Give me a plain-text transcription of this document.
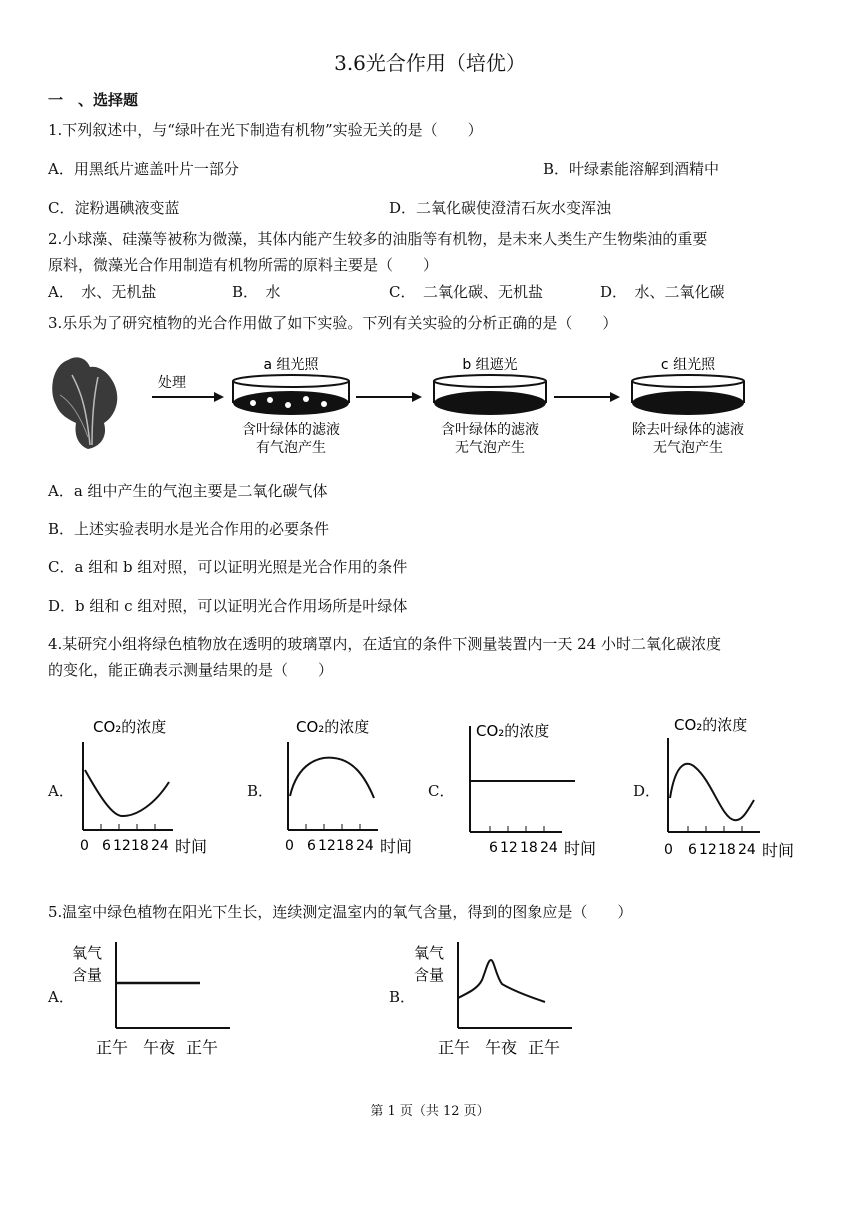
3.6光合作用（培优）
一　、选择题
1.下列叙述中，与“绿叶在光下制造有机物”实验无关的是（　　）
A．用黑纸片遮盖叶片一部分	B．叶绿素能溶解到酒精中
C．淀粉遇碘液变蓝	D．二氧化碳使澄清石灰水变浑浊
2.小球藻、硅藻等被称为微藻，其体内能产生较多的油脂等有机物，是未来人类生产生物柴油的重要
原料，微藻光合作用制造有机物所需的原料主要是（　　）
A．　水、无机盐	B．　水	C．　二氧化碳、无机盐	D．　水、二氧化碳
3.乐乐为了研究植物的光合作用做了如下实验。下列有关实验的分析正确的是（　　）
处理
a 组光照
含叶绿体的滤液
有气泡产生
b 组遮光
含叶绿体的滤液
无气泡产生
c 组光照
除去叶绿体的滤液
无气泡产生
A．a 组中产生的气泡主要是二氧化碳气体
B．上述实验表明水是光合作用的必要条件
C．a 组和 b 组对照，可以证明光照是光合作用的条件
D．b 组和 c 组对照，可以证明光合作用场所是叶绿体
4.某研究小组将绿色植物放在透明的玻璃罩内，在适宜的条件下测量装置内一天 24 小时二氧化碳浓度
的变化，能正确表示测量结果的是（　　）
A．
CO₂的浓度
0 6 12 18 24 时间
B．
CO₂的浓度
0 6 12 18 24 时间
C．
CO₂的浓度
6 12 18 24 时间
D．
CO₂的浓度
0 6 12 18 24 时间
5.温室中绿色植物在阳光下生长，连续测定温室内的氧气含量，得到的图象应是（　　）
A．
氧气
含量
正午 午夜 正午
B．
氧气
含量
正午 午夜 正午
第 1 页（共 12 页）
